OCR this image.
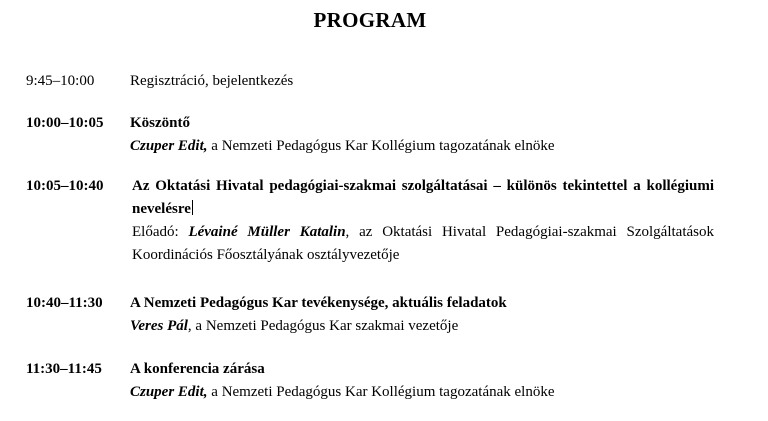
PROGRAM
9:45–10:00 Regisztráció, bejelentkezés
10:00–10:05 Köszöntő
Czuper Edit, a Nemzeti Pedagógus Kar Kollégium tagozatának elnöke
10:05–10:40 Az Oktatási Hivatal pedagógiai-szakmai szolgáltatásai – különös tekintettel a kollégiumi nevelésre
Előadó: Lévainé Müller Katalin, az Oktatási Hivatal Pedagógiai-szakmai Szolgáltatások Koordinációs Főosztályának osztályvezetője
10:40–11:30 A Nemzeti Pedagógus Kar tevékenysége, aktuális feladatok
Veres Pál, a Nemzeti Pedagógus Kar szakmai vezetője
11:30–11:45 A konferencia zárása
Czuper Edit, a Nemzeti Pedagógus Kar Kollégium tagozatának elnöke
